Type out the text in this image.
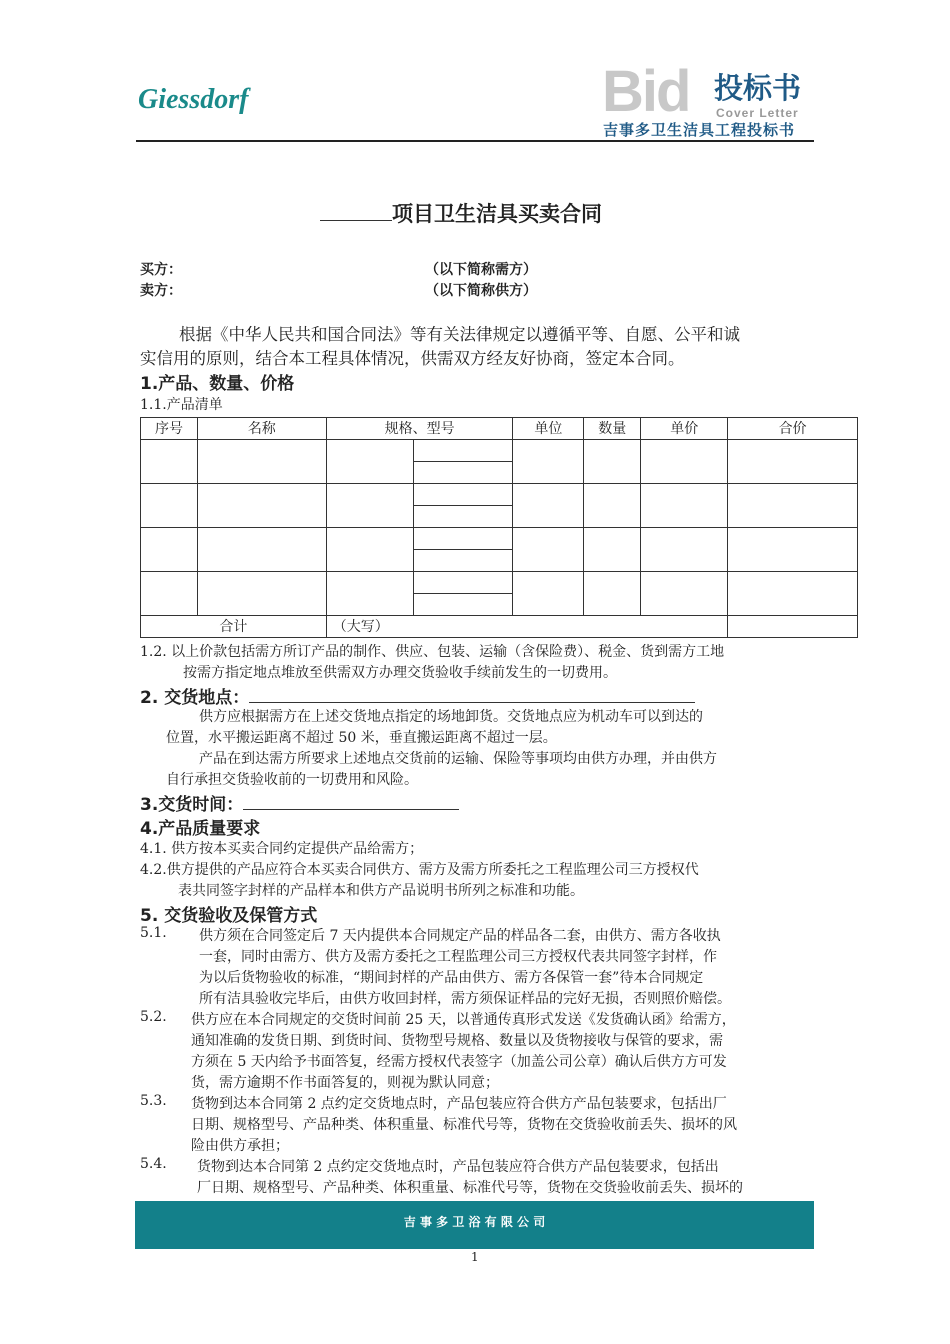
Giessdorf	Bid 投标书
Cover Letter
吉事多卫生洁具工程投标书
项目卫生洁具买卖合同
买方：	（以下简称需方）
卖方：	（以下简称供方）
根据《中华人民共和国合同法》等有关法律规定以遵循平等、自愿、公平和诚
实信用的原则，结合本工程具体情况，供需双方经友好协商，签定本合同。
1.产品、数量、价格
1.1.产品清单
序号	名称	规格、型号		单位	数量	单价	合价

合计		（大写）					
1.2. 以上价款包括需方所订产品的制作、供应、包装、运输（含保险费）、税金、货到需方工地
按需方指定地点堆放至供需双方办理交货验收手续前发生的一切费用。
2. 交货地点：
供方应根据需方在上述交货地点指定的场地卸货。交货地点应为机动车可以到达的
位置，水平搬运距离不超过 50 米，垂直搬运距离不超过一层。
产品在到达需方所要求上述地点交货前的运输、保险等事项均由供方办理，并由供方
自行承担交货验收前的一切费用和风险。
3.交货时间：
4.产品质量要求
4.1. 供方按本买卖合同约定提供产品给需方；
4.2.供方提供的产品应符合本买卖合同供方、需方及需方所委托之工程监理公司三方授权代
表共同签字封样的产品样本和供方产品说明书所列之标准和功能。
5. 交货验收及保管方式
5.1. 供方须在合同签定后 7 天内提供本合同规定产品的样品各二套，由供方、需方各收执
一套，同时由需方、供方及需方委托之工程监理公司三方授权代表共同签字封样，作
为以后货物验收的标准，“期间封样的产品由供方、需方各保管一套”待本合同规定
所有洁具验收完毕后，由供方收回封样，需方须保证样品的完好无损，否则照价赔偿。
5.2. 供方应在本合同规定的交货时间前 25 天，以普通传真形式发送《发货确认函》给需方，
通知准确的发货日期、到货时间、货物型号规格、数量以及货物接收与保管的要求，需
方须在 5 天内给予书面答复，经需方授权代表签字（加盖公司公章）确认后供方方可发
货，需方逾期不作书面答复的，则视为默认同意；
5.3. 货物到达本合同第 2 点约定交货地点时，产品包装应符合供方产品包装要求，包括出厂
日期、规格型号、产品种类、体积重量、标准代号等，货物在交货验收前丢失、损坏的风
险由供方承担；
5.4. 货物到达本合同第 2 点约定交货地点时，产品包装应符合供方产品包装要求，包括出
厂日期、规格型号、产品种类、体积重量、标准代号等，货物在交货验收前丢失、损坏的
吉 事 多 卫 浴 有 限 公 司
1
